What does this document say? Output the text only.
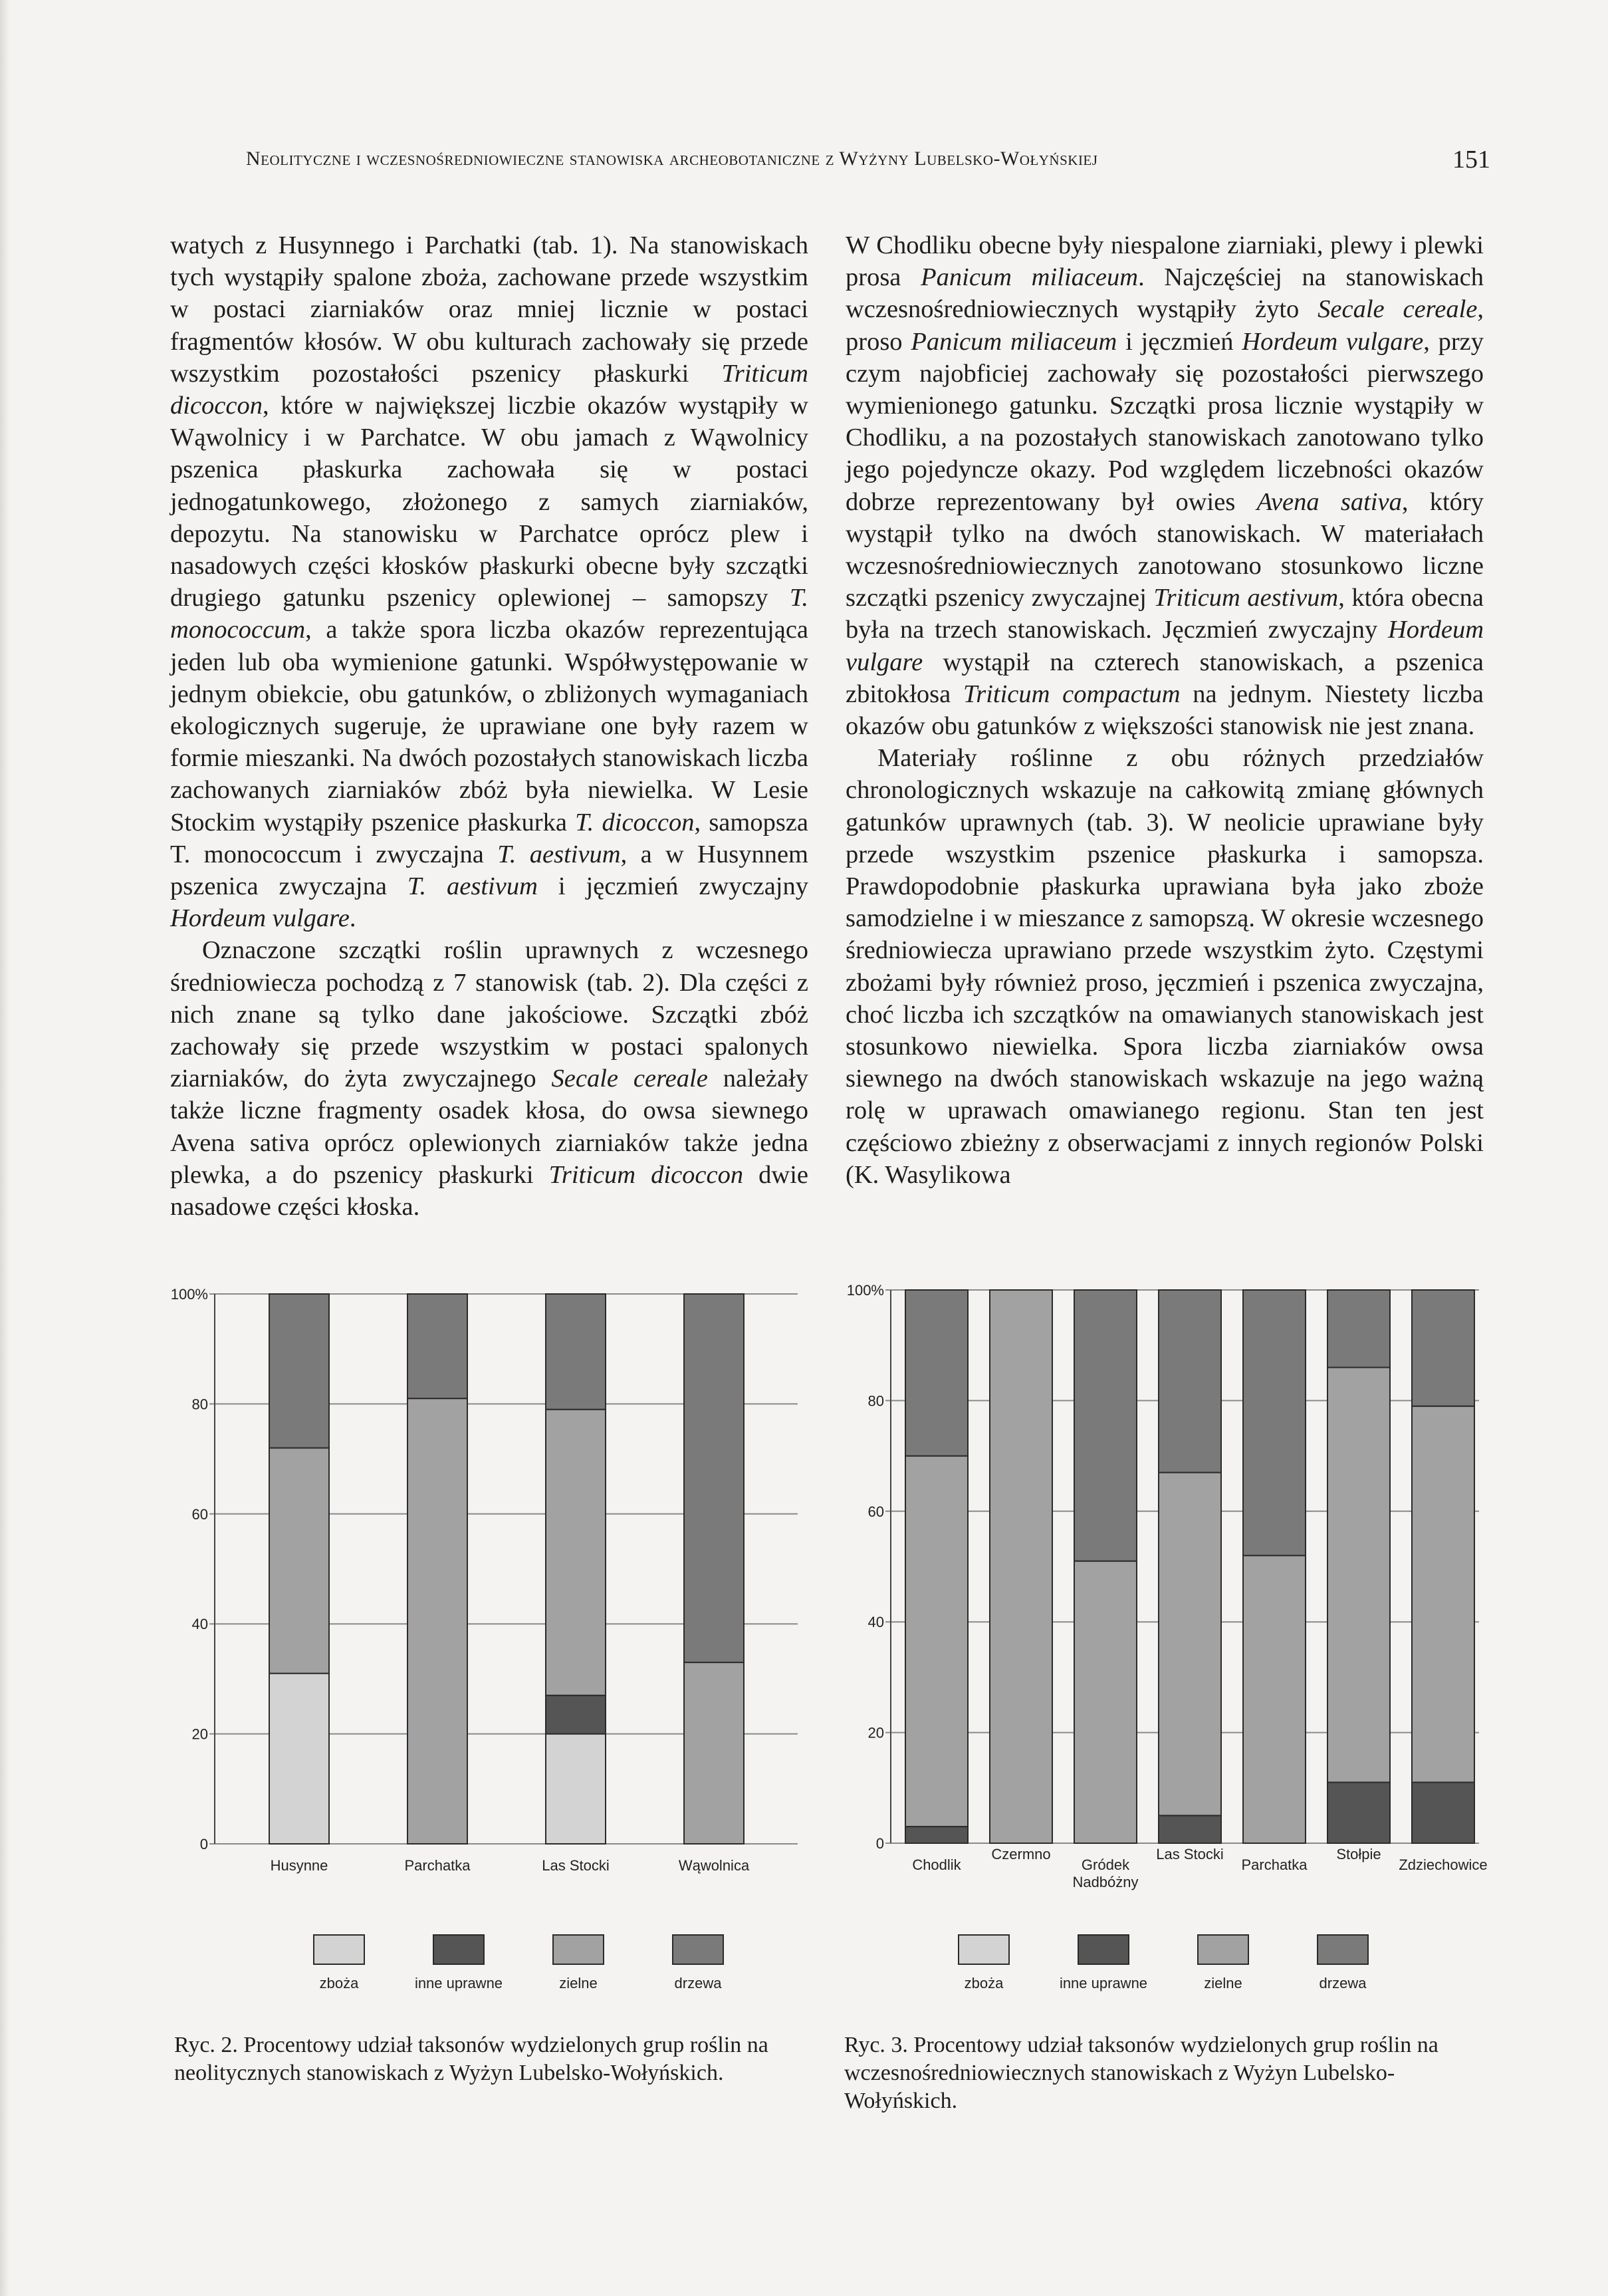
Neolityczne i wczesnośredniowieczne stanowiska archeobotaniczne z Wyżyny Lubelsko-Wołyńskiej	151

watych z Husynnego i Parchatki (tab. 1). Na stanowiskach tych wystąpiły spalone zboża, zachowane przede wszystkim w postaci ziarniaków oraz mniej licznie w postaci fragmentów kłosów. W obu kulturach zachowały się przede wszystkim pozostałości pszenicy płaskurki Triticum dicoccon, które w największej liczbie okazów wystąpiły w Wąwolnicy i w Parchatce. W obu jamach z Wąwolnicy pszenica płaskurka zachowała się w postaci jednogatunkowego, złożonego z samych ziarniaków, depozytu. Na stanowisku w Parchatce oprócz plew i nasadowych części kłosków płaskurki obecne były szczątki drugiego gatunku pszenicy oplewionej – samopszy T. monococcum, a także spora liczba okazów reprezentująca jeden lub oba wymienione gatunki. Współwystępowanie w jednym obiekcie, obu gatunków, o zbliżonych wymaganiach ekologicznych sugeruje, że uprawiane one były razem w formie mieszanki. Na dwóch pozostałych stanowiskach liczba zachowanych ziarniaków zbóż była niewielka. W Lesie Stockim wystąpiły pszenice płaskurka T. dicoccon, samopsza T. monococcum i zwyczajna T. aestivum, a w Husynnem pszenica zwyczajna T. aestivum i jęczmień zwyczajny Hordeum vulgare.

Oznaczone szczątki roślin uprawnych z wczesnego średniowiecza pochodzą z 7 stanowisk (tab. 2). Dla części z nich znane są tylko dane jakościowe. Szczątki zbóż zachowały się przede wszystkim w postaci spalonych ziarniaków, do żyta zwyczajnego Secale cereale należały także liczne fragmenty osadek kłosa, do owsa siewnego Avena sativa oprócz oplewionych ziarniaków także jedna plewka, a do pszenicy płaskurki Triticum dicoccon dwie nasadowe części kłoska.

W Chodliku obecne były niespalone ziarniaki, plewy i plewki prosa Panicum miliaceum. Najczęściej na stanowiskach wczesnośredniowiecznych wystąpiły żyto Secale cereale, proso Panicum miliaceum i jęczmień Hordeum vulgare, przy czym najobficiej zachowały się pozostałości pierwszego wymienionego gatunku. Szczątki prosa licznie wystąpiły w Chodliku, a na pozostałych stanowiskach zanotowano tylko jego pojedyncze okazy. Pod względem liczebności okazów dobrze reprezentowany był owies Avena sativa, który wystąpił tylko na dwóch stanowiskach. W materiałach wczesnośredniowiecznych zanotowano stosunkowo liczne szczątki pszenicy zwyczajnej Triticum aestivum, która obecna była na trzech stanowiskach. Jęczmień zwyczajny Hordeum vulgare wystąpił na czterech stanowiskach, a pszenica zbitokłosa Triticum compactum na jednym. Niestety liczba okazów obu gatunków z większości stanowisk nie jest znana.

Materiały roślinne z obu różnych przedziałów chronologicznych wskazuje na całkowitą zmianę głównych gatunków uprawnych (tab. 3). W neolicie uprawiane były przede wszystkim pszenice płaskurka i samopsza. Prawdopodobnie płaskurka uprawiana była jako zboże samodzielne i w mieszance z samopszą. W okresie wczesnego średniowiecza uprawiano przede wszystkim żyto. Częstymi zbożami były również proso, jęczmień i pszenica zwyczajna, choć liczba ich szczątków na omawianych stanowiskach jest stosunkowo niewielka. Spora liczba ziarniaków owsa siewnego na dwóch stanowiskach wskazuje na jego ważną rolę w uprawach omawianego regionu. Stan ten jest częściowo zbieżny z obserwacjami z innych regionów Polski (K. Wasylikowa

0
20
40
60
80
100%
Husynne	Parchatka	Las Stocki	Wąwolnica
zboża	inne uprawne	zielne	drzewa
0
20
40
60
80
100%
Chodlik
Czermno
Gródek
Nadbóżny
Las Stocki
Parchatka
Stołpie
Zdziechowice
zboża	inne uprawne	zielne	drzewa
Ryc. 2. Procentowy udział taksonów wydzielonych grup roślin na neolitycznych stanowiskach z Wyżyn Lubelsko-Wołyńskich.
Ryc. 3. Procentowy udział taksonów wydzielonych grup roślin na wczesnośredniowiecznych stanowiskach z Wyżyn Lubelsko-Wołyńskich.
